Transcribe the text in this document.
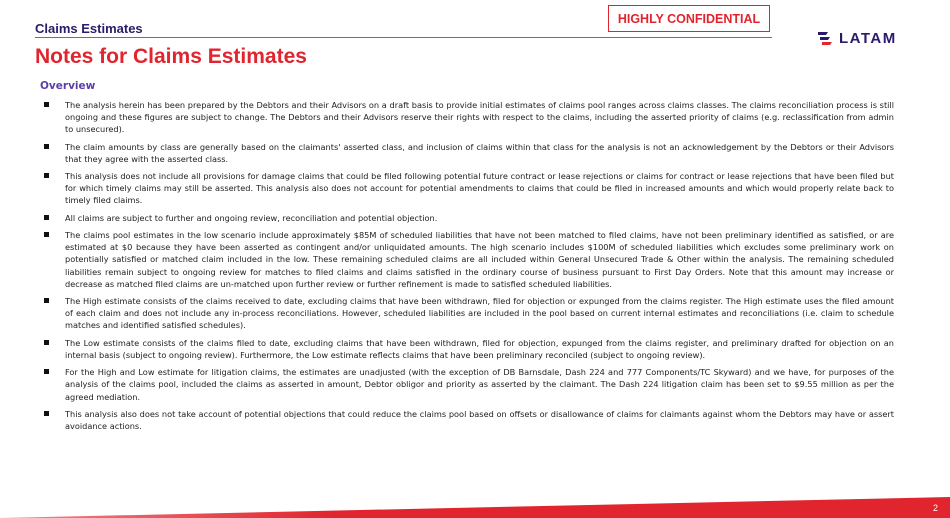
Claims Estimates
HIGHLY CONFIDENTIAL
LATAM
Notes for Claims Estimates
Overview
The analysis herein has been prepared by the Debtors and their Advisors on a draft basis to provide initial estimates of claims pool ranges across claims classes. The claims reconciliation process is still ongoing and these figures are subject to change. The Debtors and their Advisors reserve their rights with respect to the claims, including the asserted priority of claims (e.g. reclassification from admin to unsecured).
The claim amounts by class are generally based on the claimants' asserted class, and inclusion of claims within that class for the analysis is not an acknowledgement by the Debtors or their Advisors that they agree with the asserted class.
This analysis does not include all provisions for damage claims that could be filed following potential future contract or lease rejections or claims for contract or lease rejections that have been filed but for which timely claims may still be asserted. This analysis also does not account for potential amendments to claims that could be filed in increased amounts and which would properly relate back to timely filed claims.
All claims are subject to further and ongoing review, reconciliation and potential objection.
The claims pool estimates in the low scenario include approximately $85M of scheduled liabilities that have not been matched to filed claims, have not been preliminary identified as satisfied, or are estimated at $0 because they have been asserted as contingent and/or unliquidated amounts. The high scenario includes $100M of scheduled liabilities which excludes some preliminary work on potentially satisfied or matched claim included in the low. These remaining scheduled claims are all included within General Unsecured Trade & Other within the analysis. The remaining scheduled liabilities remain subject to ongoing review for matches to filed claims and claims satisfied in the ordinary course of business pursuant to First Day Orders. Note that this amount may increase or decrease as matched filed claims are un-matched upon further review or further refinement is made to satisfied scheduled liabilities.
The High estimate consists of the claims received to date, excluding claims that have been withdrawn, filed for objection or expunged from the claims register. The High estimate uses the filed amount of each claim and does not include any in-process reconciliations. However, scheduled liabilities are included in the pool based on current internal estimates and reconciliations (i.e. claim to schedule matches and identified satisfied schedules).
The Low estimate consists of the claims filed to date, excluding claims that have been withdrawn, filed for objection, expunged from the claims register, and preliminary drafted for objection on an internal basis (subject to ongoing review). Furthermore, the Low estimate reflects claims that have been preliminary reconciled (subject to ongoing review).
For the High and Low estimate for litigation claims, the estimates are unadjusted (with the exception of DB Barnsdale, Dash 224 and 777 Components/TC Skyward) and we have, for purposes of the analysis of the claims pool, included the claims as asserted in amount, Debtor obligor and priority as asserted by the claimant. The Dash 224 litigation claim has been set to $9.55 million as per the agreed mediation.
This analysis also does not take account of potential objections that could reduce the claims pool based on offsets or disallowance of claims for claimants against whom the Debtors may have or assert avoidance actions.
2
